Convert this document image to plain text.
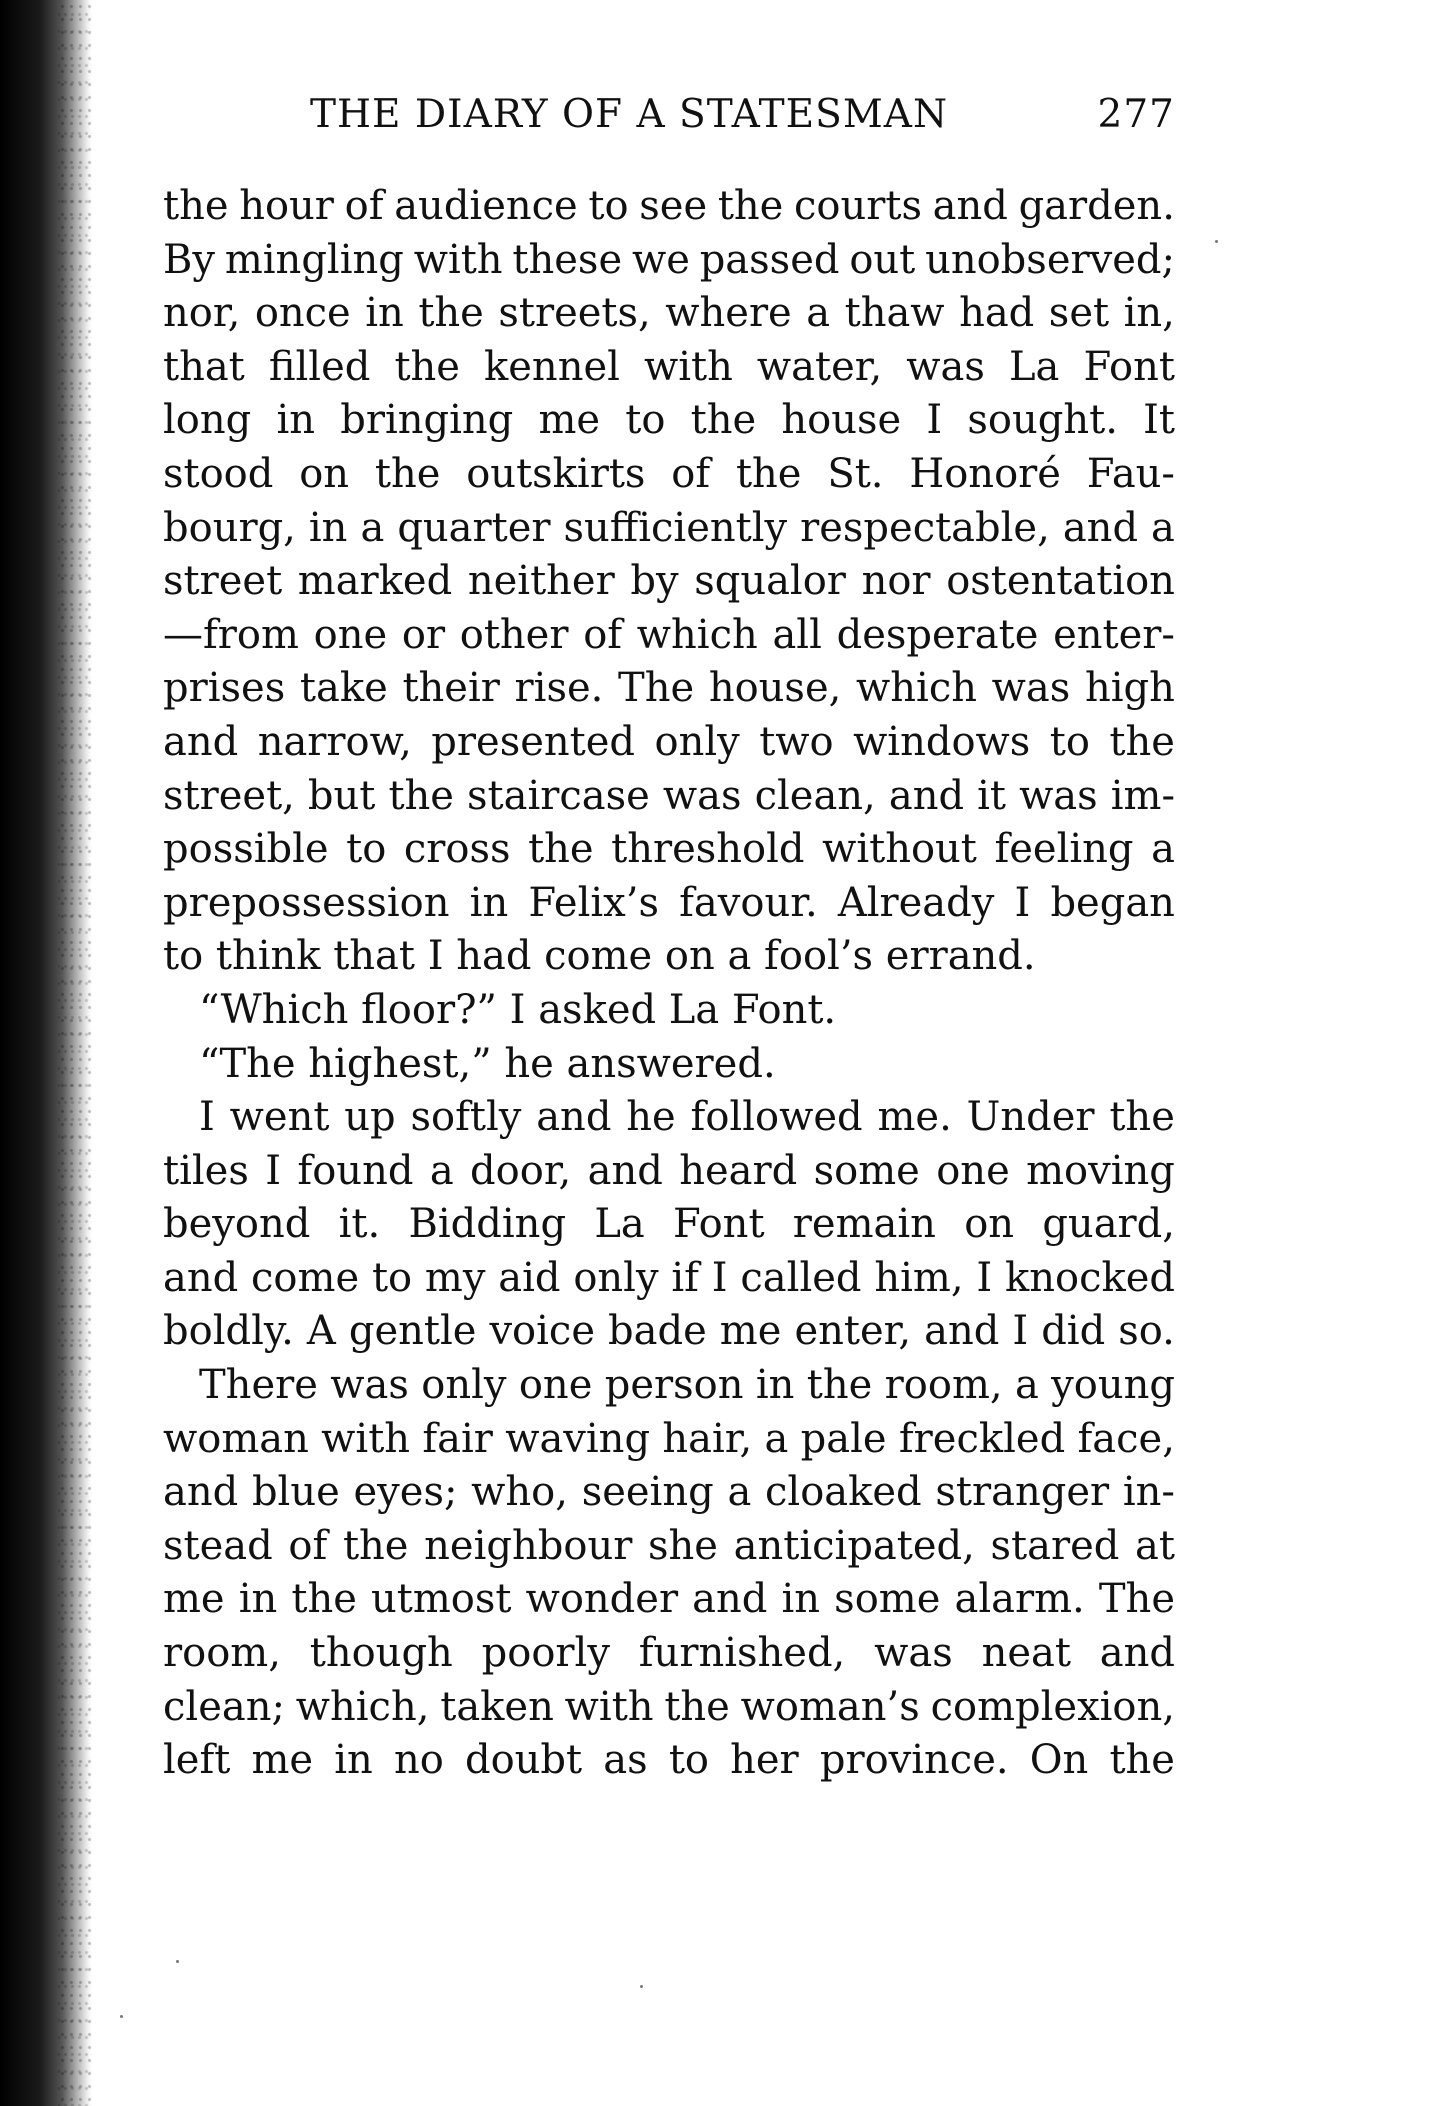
THE DIARY OF A STATESMAN	277
the hour of audience to see the courts and garden.
By mingling with these we passed out unobserved;
nor, once in the streets, where a thaw had set in,
that filled the kennel with water, was La Font
long in bringing me to the house I sought. It
stood on the outskirts of the St. Honoré Fau-
bourg, in a quarter sufficiently respectable, and a
street marked neither by squalor nor ostentation
—from one or other of which all desperate enter-
prises take their rise. The house, which was high
and narrow, presented only two windows to the
street, but the staircase was clean, and it was im-
possible to cross the threshold without feeling a
prepossession in Felix’s favour. Already I began
to think that I had come on a fool’s errand.
“Which floor?” I asked La Font.
“The highest,” he answered.
I went up softly and he followed me. Under the
tiles I found a door, and heard some one moving
beyond it. Bidding La Font remain on guard,
and come to my aid only if I called him, I knocked
boldly. A gentle voice bade me enter, and I did so.
There was only one person in the room, a young
woman with fair waving hair, a pale freckled face,
and blue eyes; who, seeing a cloaked stranger in-
stead of the neighbour she anticipated, stared at
me in the utmost wonder and in some alarm. The
room, though poorly furnished, was neat and
clean; which, taken with the woman’s complexion,
left me in no doubt as to her province. On the
